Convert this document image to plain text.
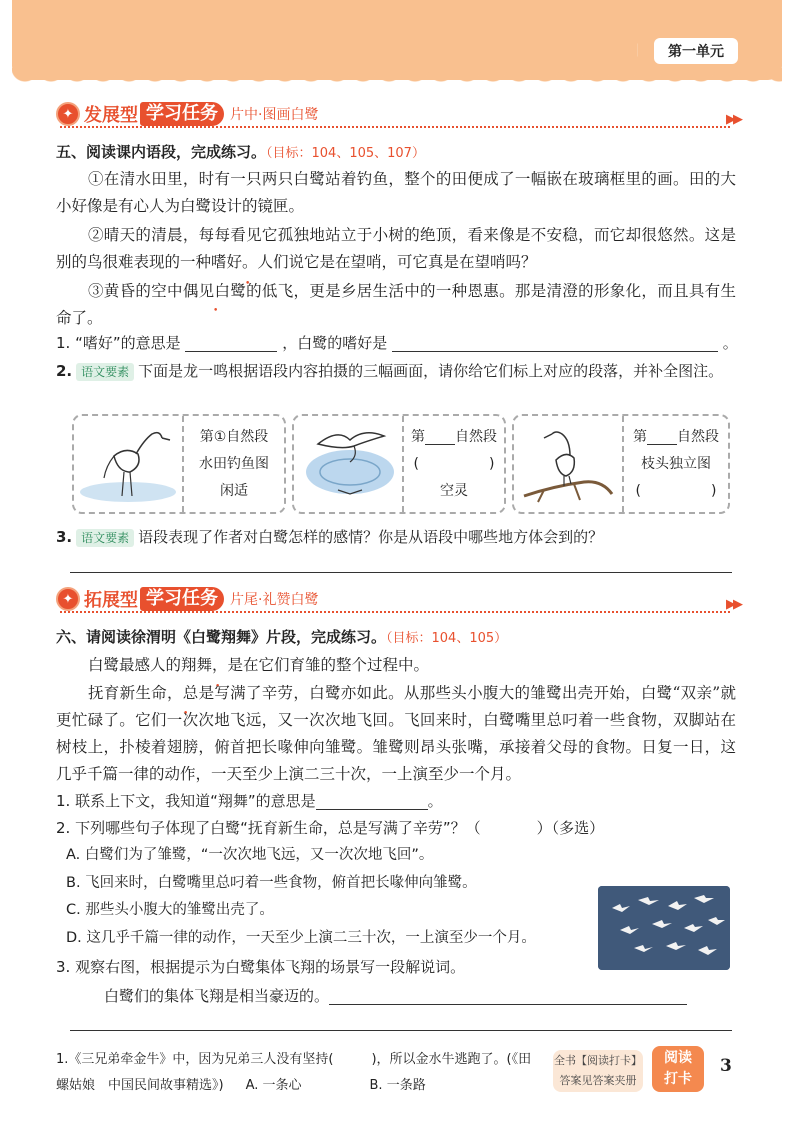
｜	第一单元
✦ 发展型 学习任务 片中·图画白鹭	▶▶
五、阅读课内语段，完成练习。（目标：104、105、107）
①在清水田里，时有一只两只白鹭站着钓鱼，整个的田便成了一幅嵌在玻璃框里的画。田的大小好像是有心人为白鹭设计的镜匣。
②晴天的清晨，每每看见它孤独地站立于小树的绝顶，看来像是不安稳，而它却很悠然。这是别的鸟很难表现的一种嗜好 • •。人们说它是在望哨，可它真是在望哨吗？
③黄昏的空中偶见白鹭的低飞，更是乡居生活中的一种恩惠。那是清澄的形象化，而且具有生命了。
1. “嗜好”的意思是	，白鹭的嗜好是	。
2. 语文要素 下面是龙一鸣根据语段内容拍摄的三幅画面，请你给它们标上对应的段落，并补全图注。
第①自然段
水田钓鱼图
闲适
第 自然段
(　　　　　)
空灵
第 自然段
枝头独立图
(　　　　　)
3. 语文要素 语段表现了作者对白鹭怎样的感情？你是从语段中哪些地方体会到的？
✦ 拓展型 学习任务 片尾·礼赞白鹭	▶▶
六、请阅读徐渭明《白鹭翔舞》片段，完成练习。（目标：104、105）
白鹭最感人的翔舞 • •，是在它们育雏的整个过程中。
抚育新生命，总是写满了辛劳，白鹭亦如此。从那些头小腹大的雏鹭出壳开始，白鹭“双亲”就更忙碌了。它们一次次地飞远，又一次次地飞回。飞回来时，白鹭嘴里总叼着一些食物，双脚站在树枝上，扑棱着翅膀，俯首把长喙伸向雏鹭。雏鹭则昂头张嘴，承接着父母的食物。日复一日，这几乎千篇一律的动作，一天至少上演二三十次，一上演至少一个月。
1. 联系上下文，我知道“翔舞”的意思是	。
2. 下列哪些句子体现了白鹭“抚育新生命，总是写满了辛劳”？（	）（多选）
A. 白鹭们为了雏鹭，“一次次地飞远，又一次次地飞回”。
B. 飞回来时，白鹭嘴里总叼着一些食物，俯首把长喙伸向雏鹭。
C. 那些头小腹大的雏鹭出壳了。
D. 这几乎千篇一律的动作，一天至少上演二三十次，一上演至少一个月。
3. 观察右图，根据提示为白鹭集体飞翔的场景写一段解说词。
白鹭们的集体飞翔是相当豪迈的。
1.《三兄弟牵金牛》中，因为兄弟三人没有坚持(	)，所以金水牛逃跑了。(《田
螺姑娘　中国民间故事精选》) A. 一条心	B. 一条路
全书【阅读打卡】
答案见答案夹册
阅读
打卡
3
